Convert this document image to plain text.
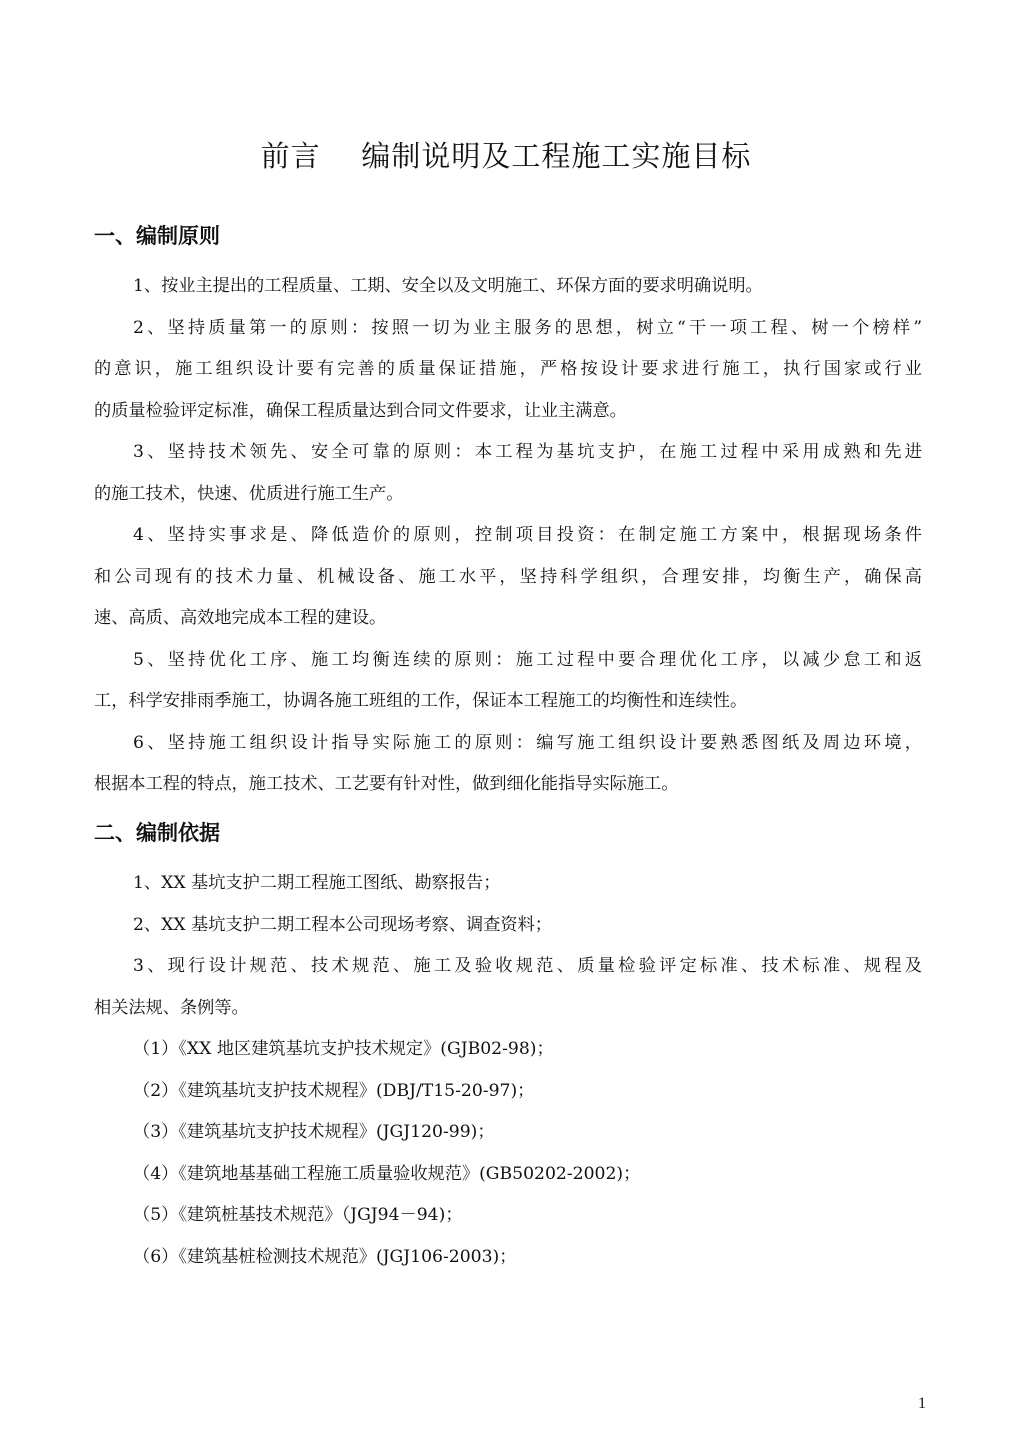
前言    编制说明及工程施工实施目标
一、编制原则
1、按业主提出的工程质量、工期、安全以及文明施工、环保方面的要求明确说明。
2、坚持质量第一的原则：按照一切为业主服务的思想，树立“干一项工程、树一个榜样”
的意识，施工组织设计要有完善的质量保证措施，严格按设计要求进行施工，执行国家或行业
的质量检验评定标准，确保工程质量达到合同文件要求，让业主满意。
3、坚持技术领先、安全可靠的原则：本工程为基坑支护，在施工过程中采用成熟和先进
的施工技术，快速、优质进行施工生产。
4、坚持实事求是、降低造价的原则，控制项目投资：在制定施工方案中，根据现场条件
和公司现有的技术力量、机械设备、施工水平，坚持科学组织，合理安排，均衡生产，确保高
速、高质、高效地完成本工程的建设。
5、坚持优化工序、施工均衡连续的原则：施工过程中要合理优化工序，以减少怠工和返
工，科学安排雨季施工，协调各施工班组的工作，保证本工程施工的均衡性和连续性。
6、坚持施工组织设计指导实际施工的原则：编写施工组织设计要熟悉图纸及周边环境，
根据本工程的特点，施工技术、工艺要有针对性，做到细化能指导实际施工。
二、编制依据
1、XX 基坑支护二期工程施工图纸、勘察报告；
2、XX 基坑支护二期工程本公司现场考察、调查资料；
3、现行设计规范、技术规范、施工及验收规范、质量检验评定标准、技术标准、规程及
相关法规、条例等。
（1）《XX 地区建筑基坑支护技术规定》(GJB02-98)；
（2）《建筑基坑支护技术规程》(DBJ/T15-20-97)；
（3）《建筑基坑支护技术规程》(JGJ120-99)；
（4）《建筑地基基础工程施工质量验收规范》(GB50202-2002)；
（5）《建筑桩基技术规范》（JGJ94－94)；
（6）《建筑基桩检测技术规范》(JGJ106-2003)；
1
